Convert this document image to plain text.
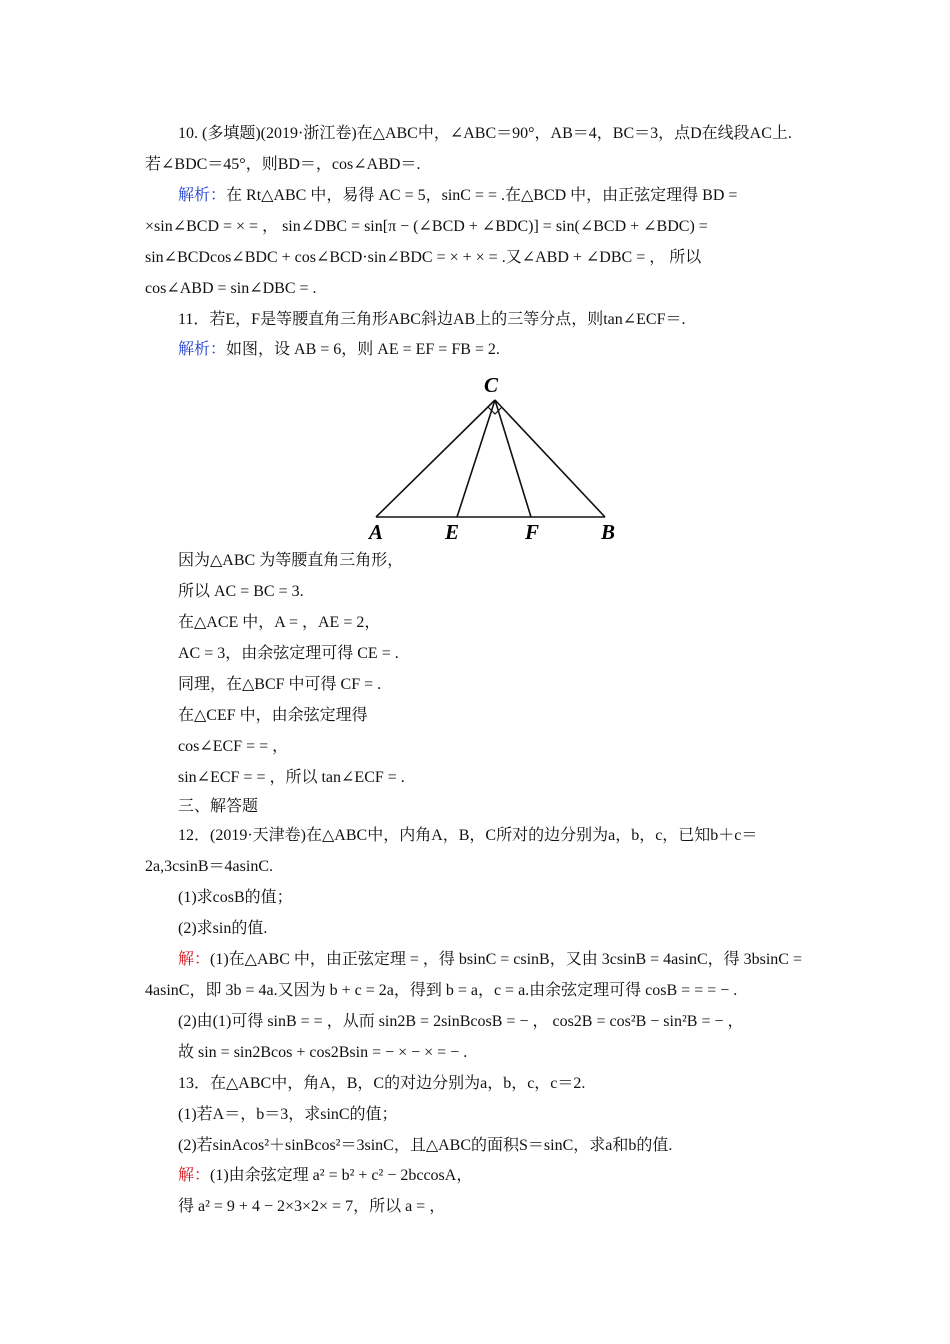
10. (多填题)(2019·浙江卷)在△ABC中，∠ABC＝90°，AB＝4，BC＝3，点D在线段AC上.
若∠BDC＝45°，则BD＝，cos∠ABD＝.
解析：在 Rt△ABC 中，易得 AC = 5，sinC = = .在△BCD 中，由正弦定理得 BD =
×sin∠BCD = × = ， sin∠DBC = sin[π − (∠BCD + ∠BDC)] = sin(∠BCD + ∠BDC) =
sin∠BCDcos∠BDC + cos∠BCD·sin∠BDC = × + × = .又∠ABD + ∠DBC = ， 所以
cos∠ABD = sin∠DBC = .
11．若E，F是等腰直角三角形ABC斜边AB上的三等分点，则tan∠ECF＝.
解析：如图，设 AB = 6，则 AE = EF = FB = 2.
C
A	E	F	B
因为△ABC 为等腰直角三角形，
所以 AC = BC = 3.
在△ACE 中，A = ，AE = 2，
AC = 3，由余弦定理可得 CE = .
同理，在△BCF 中可得 CF = .
在△CEF 中，由余弦定理得
cos∠ECF = = ，
sin∠ECF = = ，所以 tan∠ECF = .
三、解答题
12．(2019·天津卷)在△ABC中，内角A，B，C所对的边分别为a，b，c，已知b＋c＝
2a,3csinB＝4asinC.
(1)求cosB的值；
(2)求sin的值.
解：(1)在△ABC 中，由正弦定理 = ，得 bsinC = csinB，又由 3csinB = 4asinC，得 3bsinC =
4asinC，即 3b = 4a.又因为 b + c = 2a，得到 b = a，c = a.由余弦定理可得 cosB = = = − .
(2)由(1)可得 sinB = = ，从而 sin2B = 2sinBcosB = − ， cos2B = cos²B − sin²B = − ，
故 sin = sin2Bcos + cos2Bsin = − × − × = − .
13．在△ABC中，角A，B，C的对边分别为a，b，c，c＝2.
(1)若A＝，b＝3，求sinC的值；
(2)若sinAcos²＋sinBcos²＝3sinC，且△ABC的面积S＝sinC，求a和b的值.
解：(1)由余弦定理 a² = b² + c² − 2bccosA，
得 a² = 9 + 4 − 2×3×2× = 7，所以 a = ，
